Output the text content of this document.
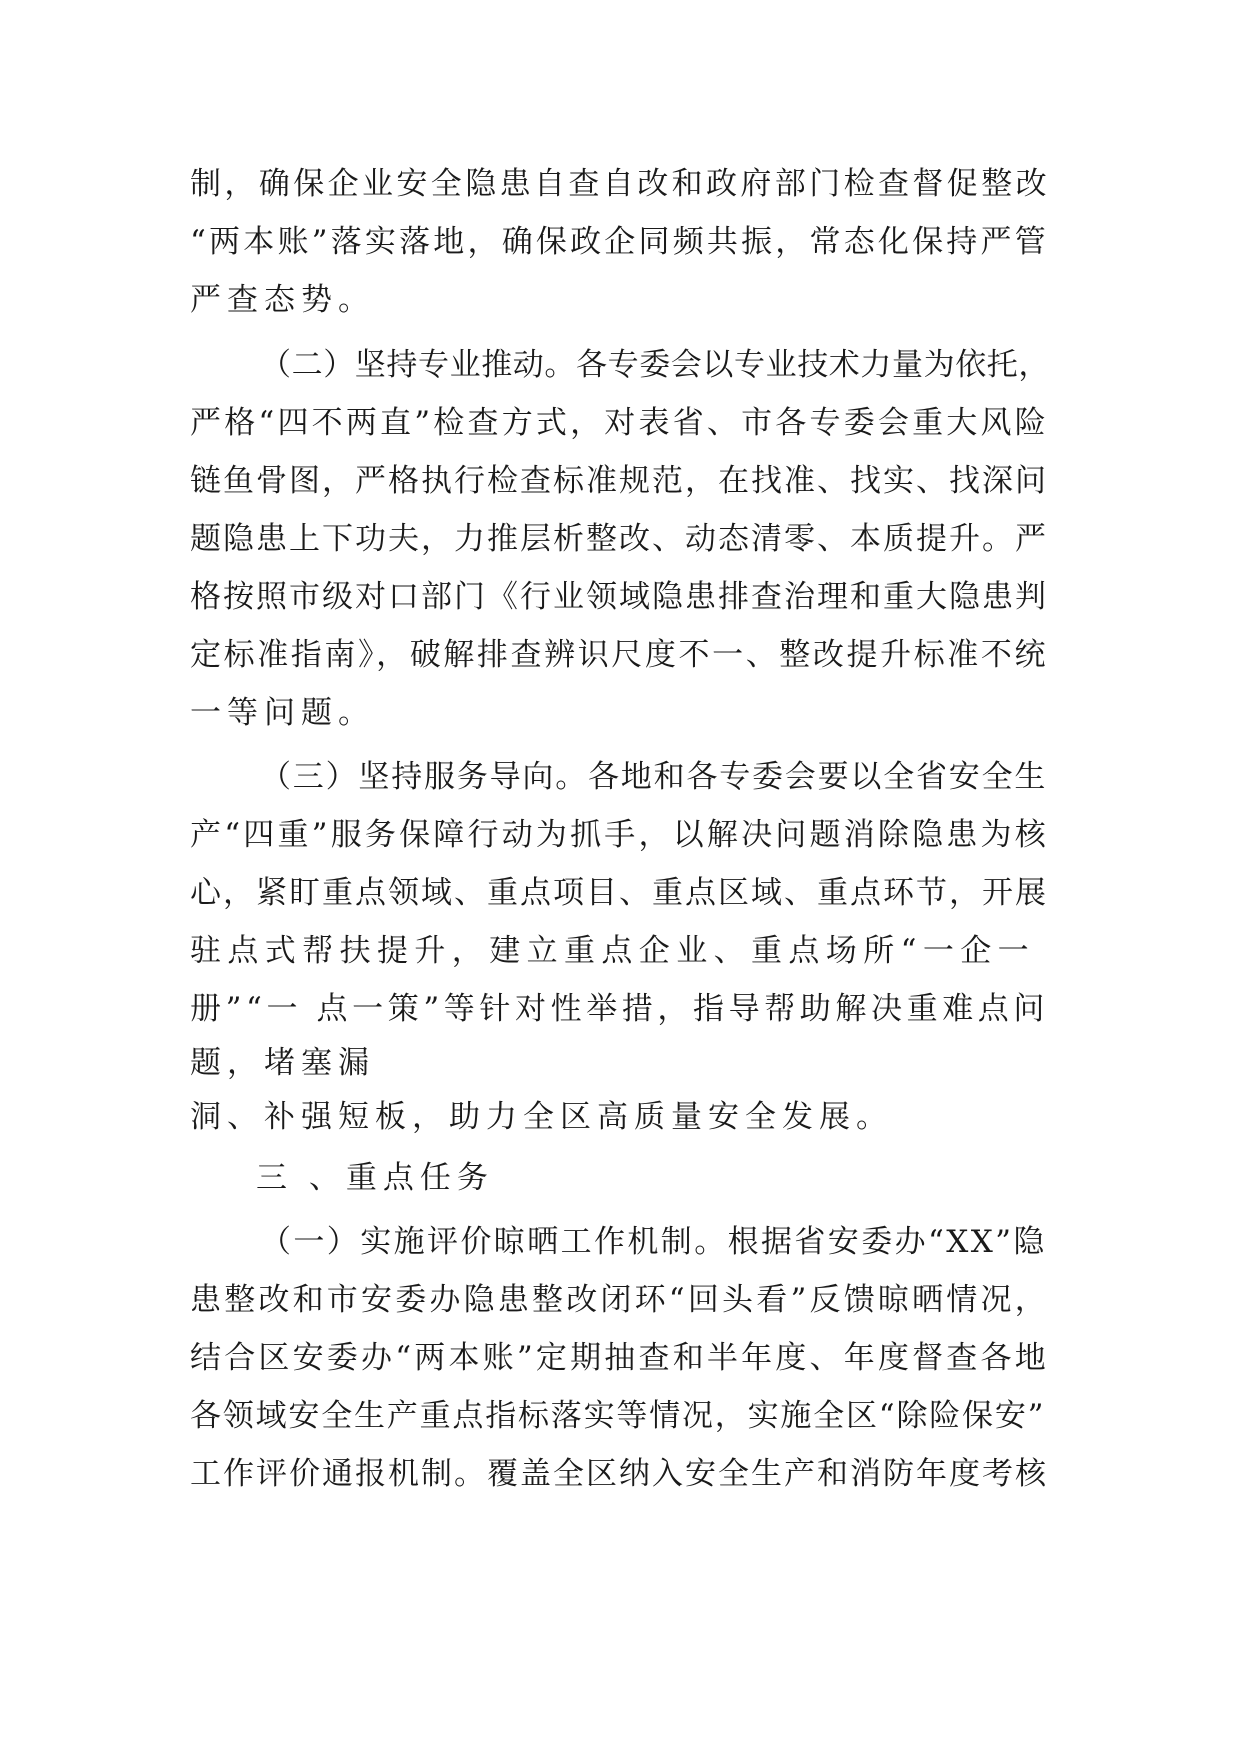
制，确保企业安全隐患自查自改和政府部门检查督促整改
“两本账”落实落地，确保政企同频共振，常态化保持严管
严查态势。
（二）坚持专业推动。各专委会以专业技术力量为依托，
严格“四不两直”检查方式，对表省、市各专委会重大风险
链鱼骨图，严格执行检查标准规范，在找准、找实、找深问
题隐患上下功夫，力推层析整改、动态清零、本质提升。严
格按照市级对口部门《行业领域隐患排查治理和重大隐患判
定标准指南》，破解排查辨识尺度不一、整改提升标准不统
一等问题。
（三）坚持服务导向。各地和各专委会要以全省安全生
产“四重”服务保障行动为抓手，以解决问题消除隐患为核
心，紧盯重点领域、重点项目、重点区域、重点环节，开展
驻点式帮扶提升，建立重点企业、重点场所“一企一
册”“一 点一策”等针对性举措，指导帮助解决重难点问
题，堵塞漏
洞、补强短板，助力全区高质量安全发展。
三 、重点任务
（一）实施评价晾晒工作机制。根据省安委办“XX”隐
患整改和市安委办隐患整改闭环“回头看”反馈晾晒情况，
结合区安委办“两本账”定期抽查和半年度、年度督查各地
各领域安全生产重点指标落实等情况，实施全区“除险保安”
工作评价通报机制。覆盖全区纳入安全生产和消防年度考核
